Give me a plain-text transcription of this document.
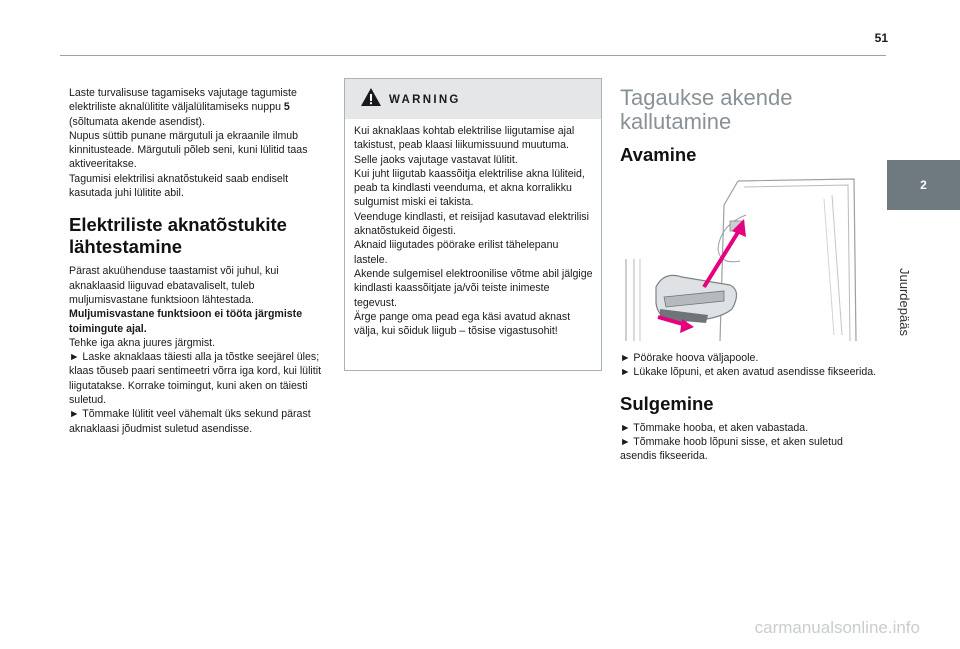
51

Laste turvalisuse tagamiseks vajutage tagumiste elektriliste aknalülitite väljalülitamiseks nuppu 5

(sõltumata akende asendist).

Nupus süttib punane märgutuli ja ekraanile ilmub kinnitusteade. Märgutuli põleb seni, kuni lülitid taas aktiveeritakse.

Tagumisi elektrilisi aknatõstukeid saab endiselt kasutada juhi lülitite abil.

Elektriliste aknatõstukite lähtestamine

Pärast akuühenduse taastamist või juhul, kui aknaklaasid liiguvad ebatavaliselt, tuleb muljumisvastane funktsioon lähtestada.

Muljumisvastane funktsioon ei tööta järgmiste toimingute ajal.

Tehke iga akna juures järgmist.

► Laske aknaklaas täiesti alla ja tõstke seejärel üles; klaas tõuseb paari sentimeetri võrra iga kord, kui lülitit liigutatakse. Korrake toimingut, kuni aken on täiesti suletud.

► Tõmmake lülitit veel vähemalt üks sekund pärast aknaklaasi jõudmist suletud asendisse.

WARNING

Kui aknaklaas kohtab elektrilise liigutamise ajal takistust, peab klaasi liikumissuund muutuma. Selle jaoks vajutage vastavat lülitit.

Kui juht liigutab kaassõitja elektrilise akna lüliteid, peab ta kindlasti veenduma, et akna korralikku sulgumist miski ei takista.

Veenduge kindlasti, et reisijad kasutavad elektrilisi aknatõstukeid õigesti.

Aknaid liigutades pöörake erilist tähelepanu lastele.

Akende sulgemisel elektroonilise võtme abil jälgige kindlasti kaassõitjate ja/või teiste inimeste tegevust.

Ärge pange oma pead ega käsi avatud aknast välja, kui sõiduk liigub – tõsise vigastusohit!

Tagaukse akende kallutamine
Avamine

► Pöörake hoova väljapoole.

► Lükake lõpuni, et aken avatud asendisse fikseerida.

Sulgemine

► Tõmmake hooba, et aken vabastada.

► Tõmmake hoob lõpuni sisse, et aken suletud asendis fikseerida.

2
Juurdepääs
carmanualsonline.info
